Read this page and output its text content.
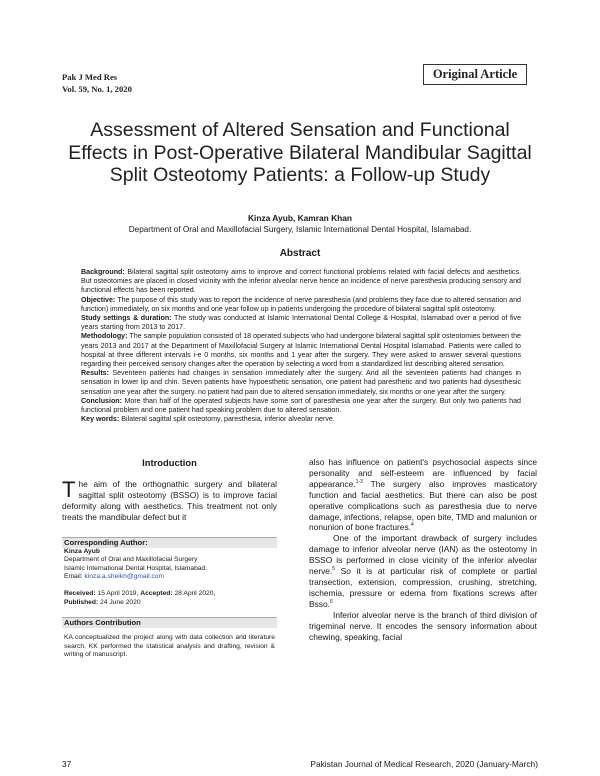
Pak J Med Res
Vol. 59, No. 1, 2020
Original Article
Assessment of Altered Sensation and Functional Effects in Post-Operative Bilateral Mandibular Sagittal Split Osteotomy Patients: a Follow-up Study
Kinza Ayub, Kamran Khan
Department of Oral and Maxillofacial Surgery, Islamic International Dental Hospital, Islamabad.
Abstract

Background: Bilateral sagittal split osteotomy aims to improve and correct functional problems related with facial defects and aesthetics. But osteotomies are placed in closed vicinity with the inferior alveolar nerve hence an incidence of nerve paresthesia producing sensory and functional effects has been reported.

Objective: The purpose of this study was to report the incidence of nerve paresthesia (and problems they face due to altered sensation and function) immediately, on six months and one year follow up in patients undergoing the procedure of bilateral sagittal split osteotomy.

Study settings & duration: The study was conducted at Islamic International Dental College & Hospital, Islamabad over a period of five years starting from 2013 to 2017.

Methodology: The sample population consisted of 18 operated subjects who had undergone bilateral sagittal split osteotomies between the years 2013 and 2017 at the Department of Maxillofacial Surgery at Islamic International Dental Hospital Islamabad. Patients were called to hospital at three different intervals i-e 0 months, six months and 1 year after the surgery. They were asked to answer several questions regarding their perceived sensory changes after the operation by selecting a word from a standardized list describing altered sensation.

Results: Seventeen patients had changes in sensation immediately after the surgery. And all the seventeen patients had changes in sensation in lower lip and chin. Seven patients have hypoesthetic sensation, one patient had paresthetic and two patients had dysesthesic sensation one year after the surgery. no patient had pain due to altered sensation immediately, six months or one year after the surgery.

Conclusion: More than half of the operated subjects have some sort of paresthesia one year after the surgery. But only two patients had functional problem and one patient had speaking problem due to altered sensation.

Key words: Bilateral sagittal split osteotomy, paresthesia, inferior alveolar nerve.

Introduction

The aim of the orthognathic surgery and bilateral sagittal split osteotomy (BSSO) is to improve facial deformity along with aesthetics. This treatment not only treats the mandibular defect but it

Corresponding Author:

Kinza Ayub

Department of Oral and Maxillofacial Surgery

Islamic International Dental Hospital, Islamabad.

Email: kinza.a.sheikh@gmail.com

Received: 15 April 2019, Accepted: 28 April 2020,

Published: 24 June 2020

Authors Contribution

KA conceptualized the project along with data collection and literature search. KK performed the statistical analysis and drafting, revision & writing of manuscript.

also has influence on patient's psychosocial aspects since personality and self-esteem are influenced by facial appearance.$^{1-3}$ The surgery also improves masticatory function and facial aesthetics. But there can also be post operative complications such as paresthesia due to nerve damage, infections, relapse, open bite, TMD and malunion or nonunion of bone fractures.$^4$

One of the important drawback of surgery includes damage to inferior alveolar nerve (IAN) as the osteotomy in BSSO is performed in close vicinity of the inferior alveolar nerve.$^5$ So it is at particular risk of complete or partial transection, extension, compression, crushing, stretching, ischemia, pressure or edema from fixations screws after Bsso.$^6$

Inferior alveolar nerve is the branch of third division of trigeminal nerve. It encodes the sensory information about chewing, speaking, facial

37	Pakistan Journal of Medical Research, 2020 (January-March)
